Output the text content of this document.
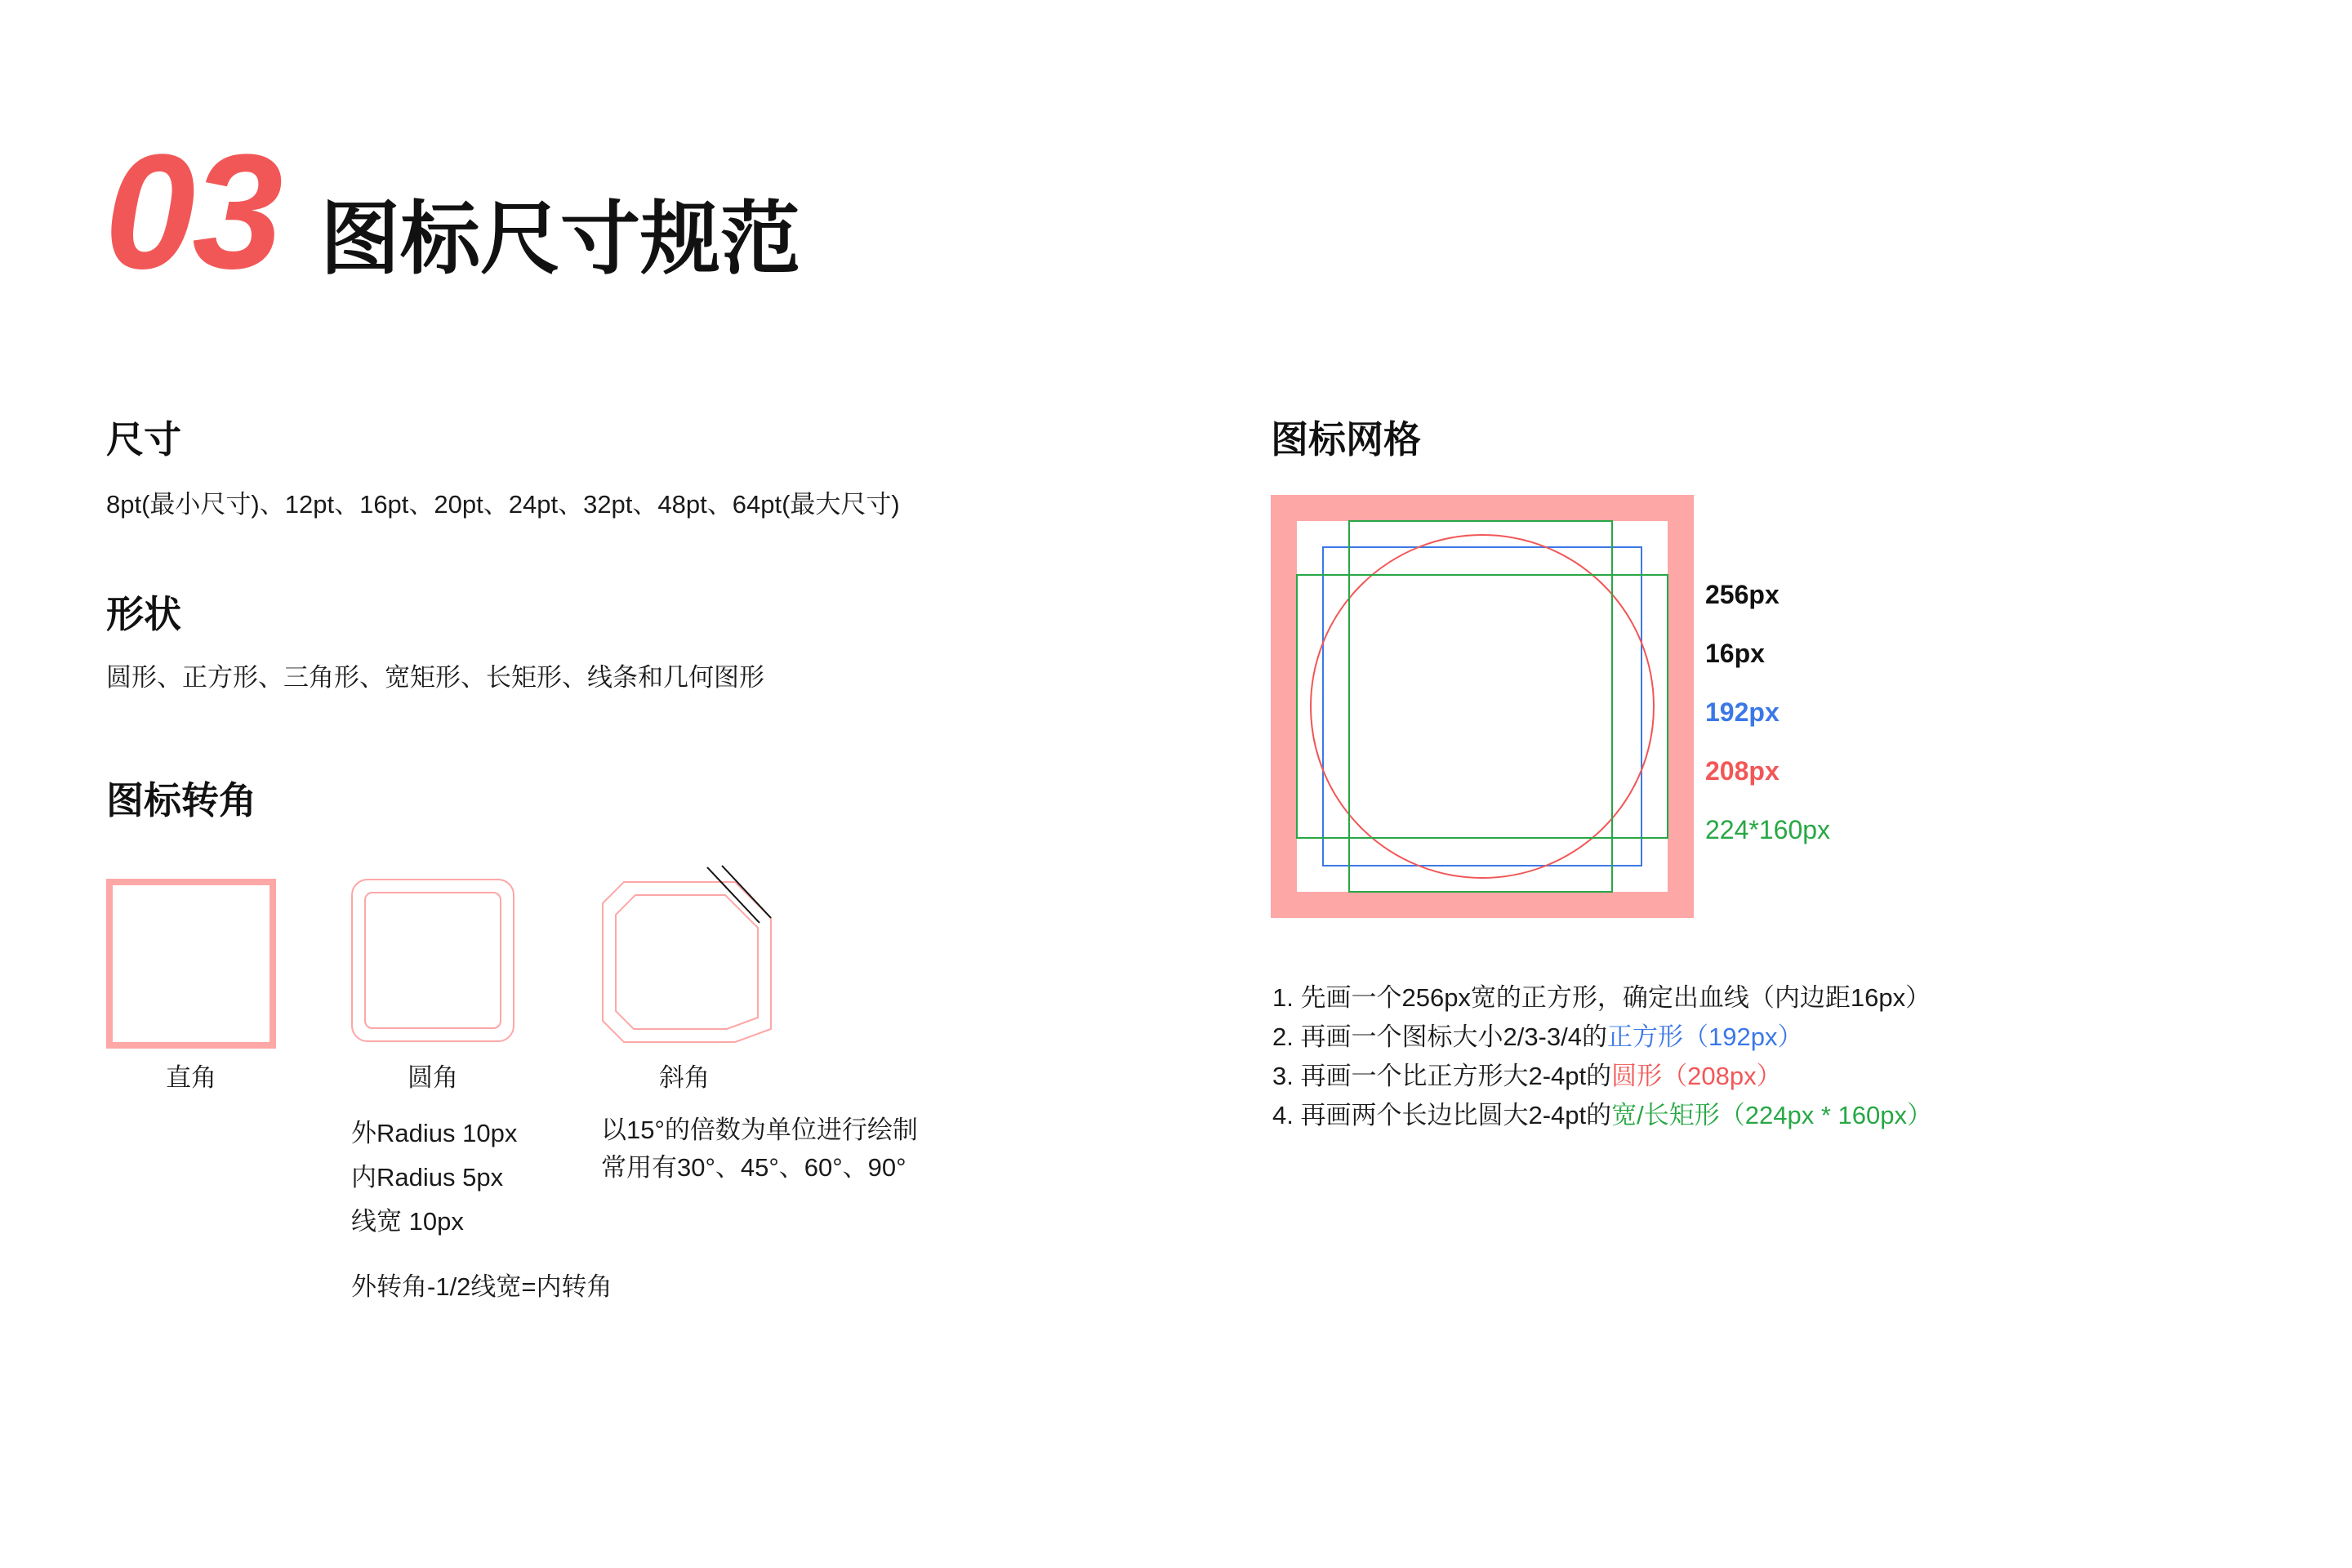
03 图标尺寸规范
尺寸
8pt(最小尺寸)、12pt、16pt、20pt、24pt、32pt、48pt、64pt(最大尺寸)
形状
圆形、正方形、三角形、宽矩形、长矩形、线条和几何图形
图标转角
直角	圆角	斜角
外Radius 10px
内Radius 5px
线宽 10px
外转角-1/2线宽=内转角
以15°的倍数为单位进行绘制
常用有30°、45°、60°、90°
图标网格
256px
16px
192px
208px
224*160px
1. 先画一个256px宽的正方形，确定出血线（内边距16px）
2. 再画一个图标大小2/3-3/4的正方形（192px）
3. 再画一个比正方形大2-4pt的圆形（208px）
4. 再画两个长边比圆大2-4pt的宽/长矩形（224px * 160px）
